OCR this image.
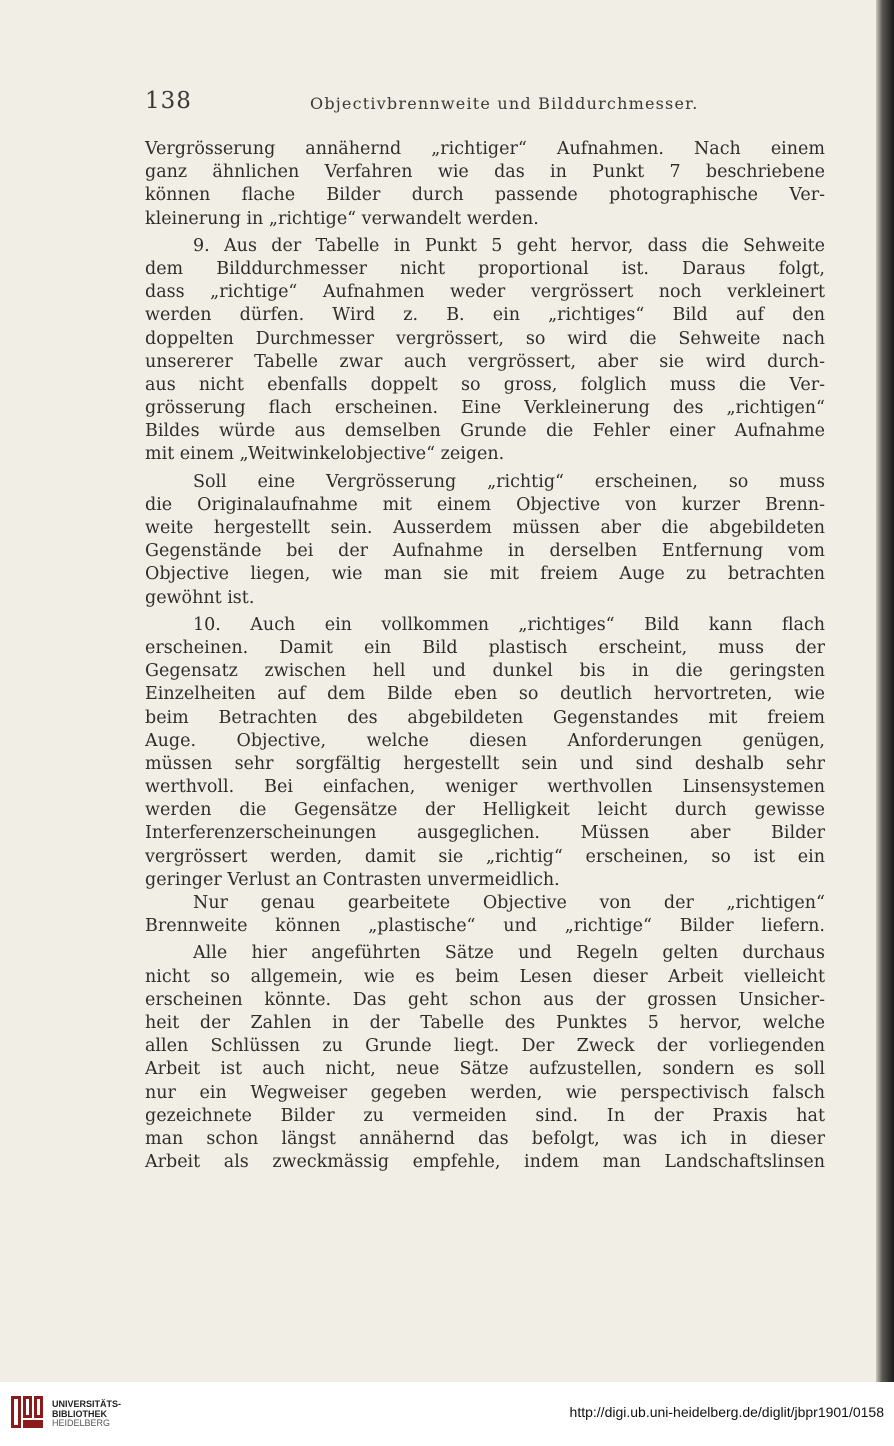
138	Objectivbrennweite und Bilddurchmesser.
Vergrösserung annähernd „richtiger“ Aufnahmen. Nach einem
ganz ähnlichen Verfahren wie das in Punkt 7 beschriebene
können flache Bilder durch passende photographische Ver-
kleinerung in „richtige“ verwandelt werden.
9. Aus der Tabelle in Punkt 5 geht hervor, dass die Sehweite
dem Bilddurchmesser nicht proportional ist. Daraus folgt,
dass „richtige“ Aufnahmen weder vergrössert noch verkleinert
werden dürfen. Wird z. B. ein „richtiges“ Bild auf den
doppelten Durchmesser vergrössert, so wird die Sehweite nach
unsererer Tabelle zwar auch vergrössert, aber sie wird durch-
aus nicht ebenfalls doppelt so gross, folglich muss die Ver-
grösserung flach erscheinen. Eine Verkleinerung des „richtigen“
Bildes würde aus demselben Grunde die Fehler einer Aufnahme
mit einem „Weitwinkelobjective“ zeigen.
Soll eine Vergrösserung „richtig“ erscheinen, so muss
die Originalaufnahme mit einem Objective von kurzer Brenn-
weite hergestellt sein. Ausserdem müssen aber die abgebildeten
Gegenstände bei der Aufnahme in derselben Entfernung vom
Objective liegen, wie man sie mit freiem Auge zu betrachten
gewöhnt ist.
10. Auch ein vollkommen „richtiges“ Bild kann flach
erscheinen. Damit ein Bild plastisch erscheint, muss der
Gegensatz zwischen hell und dunkel bis in die geringsten
Einzelheiten auf dem Bilde eben so deutlich hervortreten, wie
beim Betrachten des abgebildeten Gegenstandes mit freiem
Auge. Objective, welche diesen Anforderungen genügen,
müssen sehr sorgfältig hergestellt sein und sind deshalb sehr
werthvoll. Bei einfachen, weniger werthvollen Linsensystemen
werden die Gegensätze der Helligkeit leicht durch gewisse
Interferenzerscheinungen ausgeglichen. Müssen aber Bilder
vergrössert werden, damit sie „richtig“ erscheinen, so ist ein
geringer Verlust an Contrasten unvermeidlich.
Nur genau gearbeitete Objective von der „richtigen“
Brennweite können „plastische“ und „richtige“ Bilder liefern.
Alle hier angeführten Sätze und Regeln gelten durchaus
nicht so allgemein, wie es beim Lesen dieser Arbeit vielleicht
erscheinen könnte. Das geht schon aus der grossen Unsicher-
heit der Zahlen in der Tabelle des Punktes 5 hervor, welche
allen Schlüssen zu Grunde liegt. Der Zweck der vorliegenden
Arbeit ist auch nicht, neue Sätze aufzustellen, sondern es soll
nur ein Wegweiser gegeben werden, wie perspectivisch falsch
gezeichnete Bilder zu vermeiden sind. In der Praxis hat
man schon längst annähernd das befolgt, was ich in dieser
Arbeit als zweckmässig empfehle, indem man Landschaftslinsen
UNIVERSITÄTS-
BIBLIOTHEK
HEIDELBERG
http://digi.ub.uni-heidelberg.de/diglit/jbpr1901/0158
